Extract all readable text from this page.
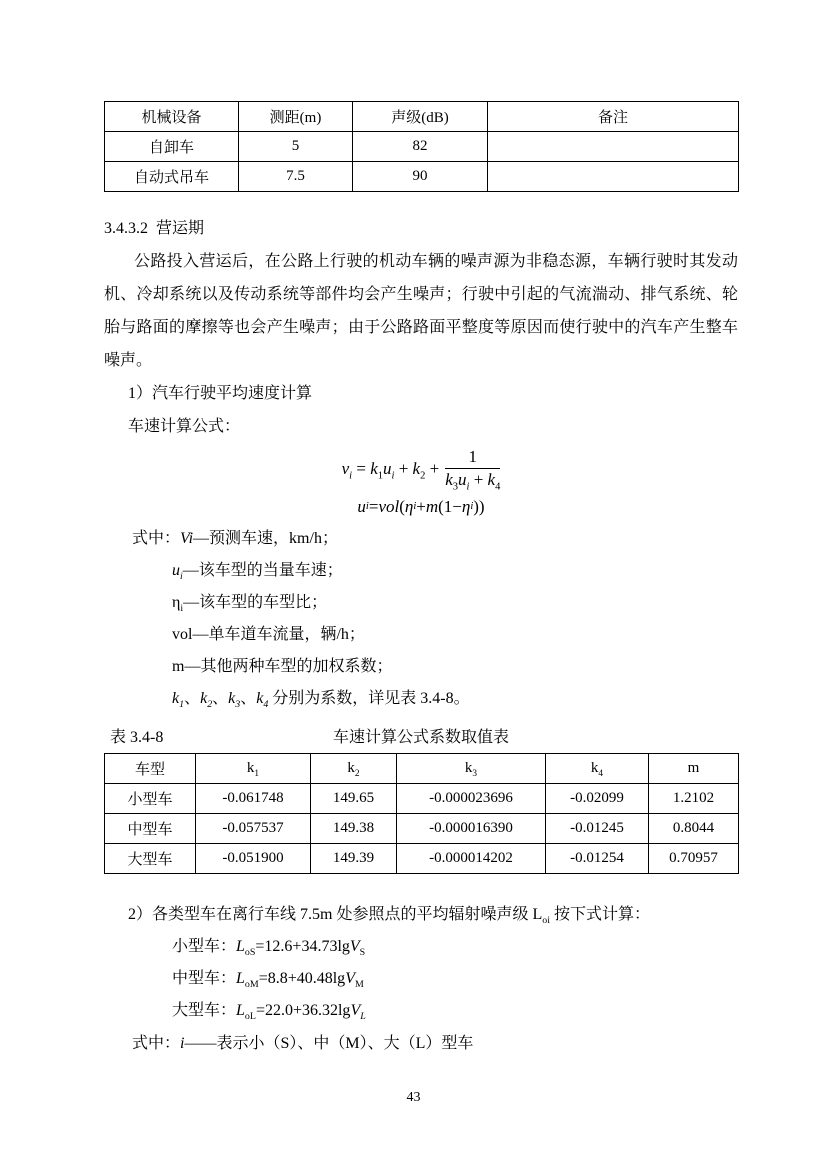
机械设备	测距(m)	声级(dB)	备注
自卸车	5	82	
自动式吊车	7.5	90	
3.4.3.2  营运期

公路投入营运后，在公路上行驶的机动车辆的噪声源为非稳态源，车辆行驶时其发动机、冷却系统以及传动系统等部件均会产生噪声；行驶中引起的气流湍动、排气系统、轮胎与路面的摩擦等也会产生噪声；由于公路路面平整度等原因而使行驶中的汽车产生整车噪声。

1）汽车行驶平均速度计算
车速计算公式：
$v_i = k_1u_i + k_2 + \frac{1}{k_3u_i + k_4}$
u i = vol ( η i + m (1− η i ))
式中：Vi—预测车速，km/h；
$u_i—$该车型的当量车速；
$\eta_i—$该车型的车型比；
vol—单车道车流量，辆/h；
m—其他两种车型的加权系数；
$k_1$、$k_2$、$k_3$、$k_4$ 分别为系数，详见表 3.4-8。
表 3.4-8	车速计算公式系数取值表
车型	$k_1$	$k_2$	$k_3$	$k_4$	m
小型车	-0.061748	149.65	-0.000023696	-0.02099	1.2102
中型车	-0.057537	149.38	-0.000016390	-0.01245	0.8044
大型车	-0.051900	149.39	-0.000014202	-0.01254	0.70957
2）各类型车在离行车线 7.5m 处参照点的平均辐射噪声级 $L_{oi}$ 按下式计算：
小型车：$L_{oS}=12.6+34.73\lg V_S$
中型车：$L_{oM}=8.8+40.48\lg V_M$
大型车：$L_{oL}=22.0+36.32\lg V_L$
式中：i——表示小（S）、中（M）、大（L）型车
43
